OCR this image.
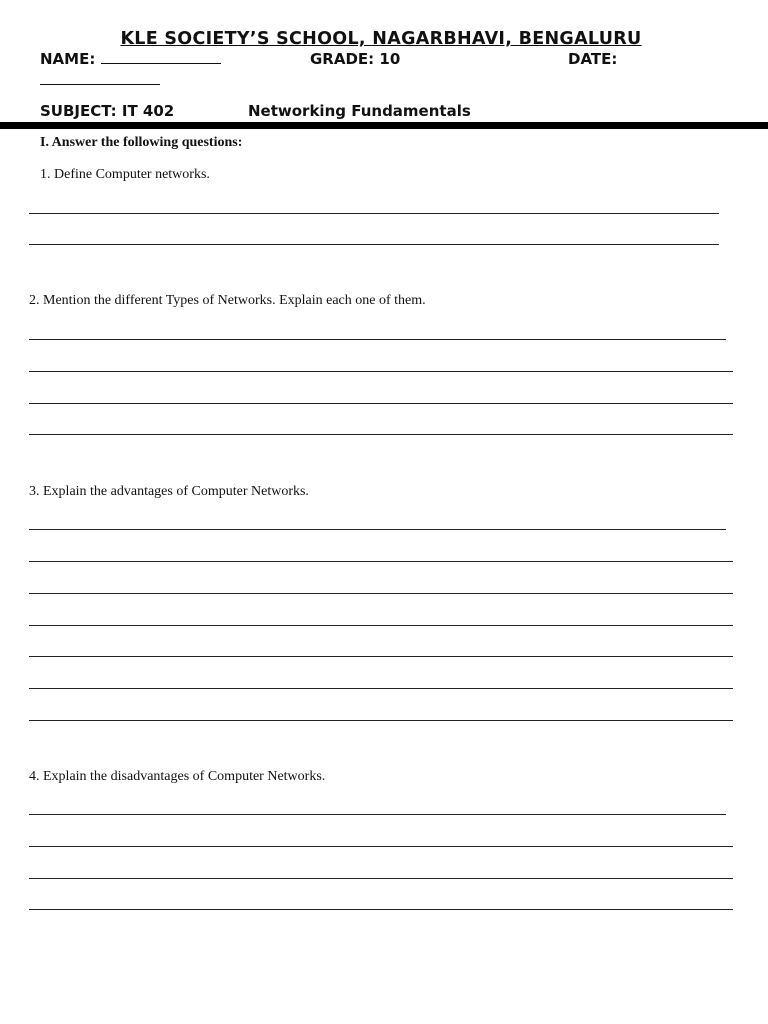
KLE SOCIETY’S SCHOOL, NAGARBHAVI, BENGALURU
NAME:	GRADE: 10	DATE:
SUBJECT: IT 402	Networking Fundamentals
I. Answer the following questions:
1. Define Computer networks.
2. Mention the different Types of Networks. Explain each one of them.
3. Explain the advantages of Computer Networks.
4. Explain the disadvantages of Computer Networks.
